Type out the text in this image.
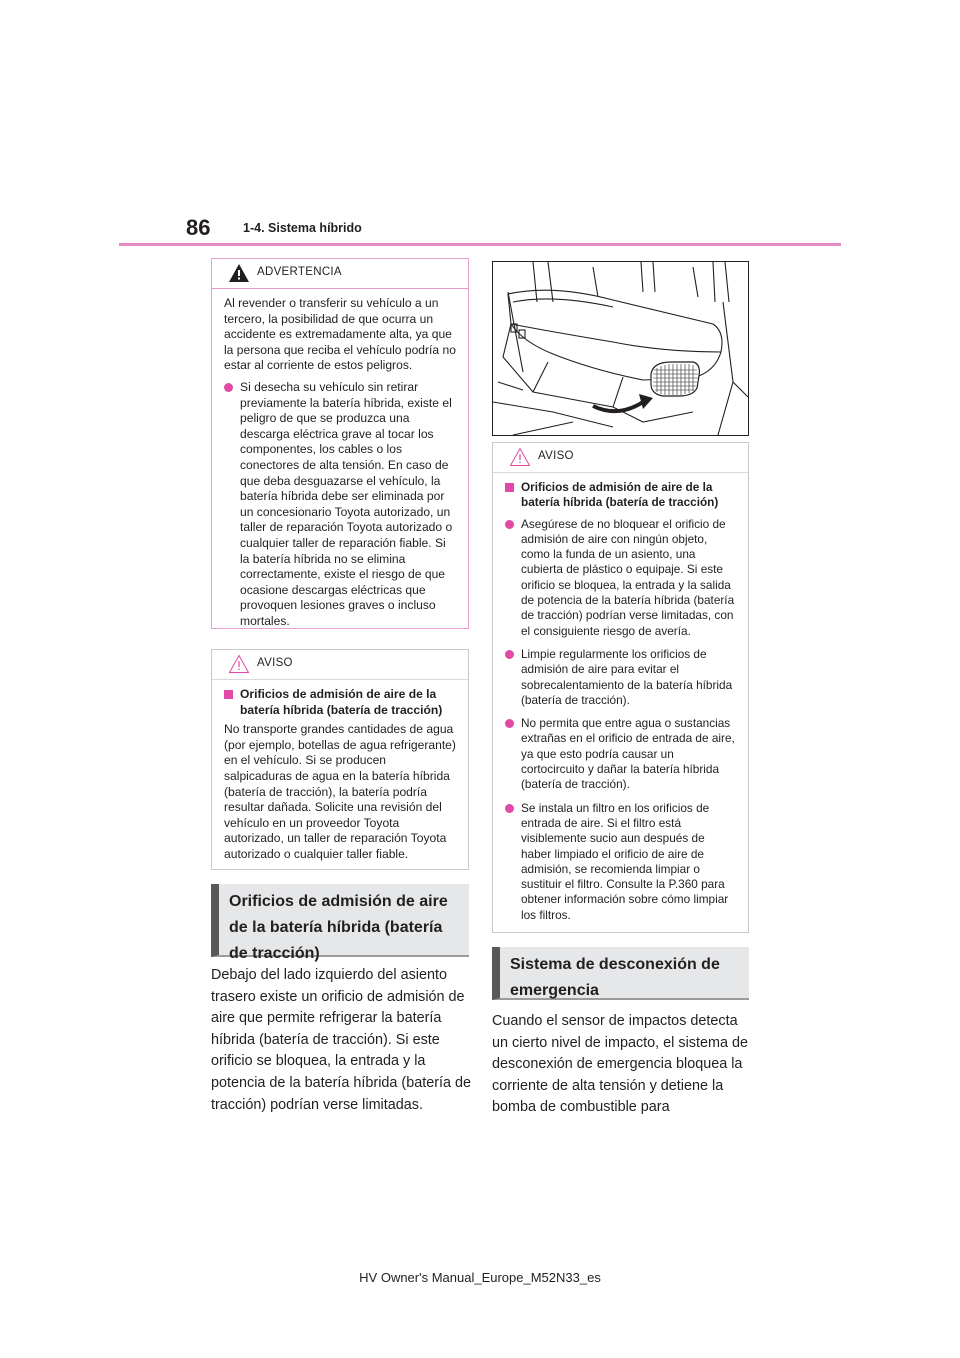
86	1-4. Sistema híbrido
ADVERTENCIA

Al revender o transferir su vehículo a un tercero, la posibilidad de que ocurra un accidente es extremadamente alta, ya que la persona que reciba el vehículo podría no estar al corriente de estos peligros.

Si desecha su vehículo sin retirar previamente la batería híbrida, existe el peligro de que se produzca una descarga eléctrica grave al tocar los componentes, los cables o los conectores de alta tensión. En caso de que deba desguazarse el vehículo, la batería híbrida debe ser eliminada por un concesionario Toyota autorizado, un taller de reparación Toyota autorizado o cualquier taller de reparación fiable. Si la batería híbrida no se elimina correctamente, existe el riesgo de que ocasione descargas eléctricas que provoquen lesiones graves o incluso mortales.
AVISO
Orificios de admisión de aire de la batería híbrida (batería de tracción)

No transporte grandes cantidades de agua (por ejemplo, botellas de agua refrigerante) en el vehículo. Si se producen salpicaduras de agua en la batería híbrida (batería de tracción), la batería podría resultar dañada. Solicite una revisión del vehículo en un proveedor Toyota autorizado, un taller de reparación Toyota autorizado o cualquier taller fiable.

Orificios de admisión de aire de la batería híbrida (batería de tracción)

Debajo del lado izquierdo del asiento trasero existe un orificio de admisión de aire que permite refrigerar la batería híbrida (batería de tracción). Si este orificio se bloquea, la entrada y la potencia de la batería híbrida (batería de tracción) podrían verse limitadas.

AVISO
Orificios de admisión de aire de la batería híbrida (batería de tracción)
Asegúrese de no bloquear el orificio de admisión de aire con ningún objeto, como la funda de un asiento, una cubierta de plástico o equipaje. Si este orificio se bloquea, la entrada y la salida de potencia de la batería híbrida (batería de tracción) podrían verse limitadas, con el consiguiente riesgo de avería.
Limpie regularmente los orificios de admisión de aire para evitar el sobrecalentamiento de la batería híbrida (batería de tracción).
No permita que entre agua o sustancias extrañas en el orificio de entrada de aire, ya que esto podría causar un cortocircuito y dañar la batería híbrida (batería de tracción).
Se instala un filtro en los orificios de entrada de aire. Si el filtro está visiblemente sucio aun después de haber limpiado el orificio de aire de admisión, se recomienda limpiar o sustituir el filtro. Consulte la P.360 para obtener información sobre cómo limpiar los filtros.
Sistema de desconexión de emergencia

Cuando el sensor de impactos detecta un cierto nivel de impacto, el sistema de desconexión de emergencia bloquea la corriente de alta tensión y detiene la bomba de combustible para

HV Owner's Manual_Europe_M52N33_es
